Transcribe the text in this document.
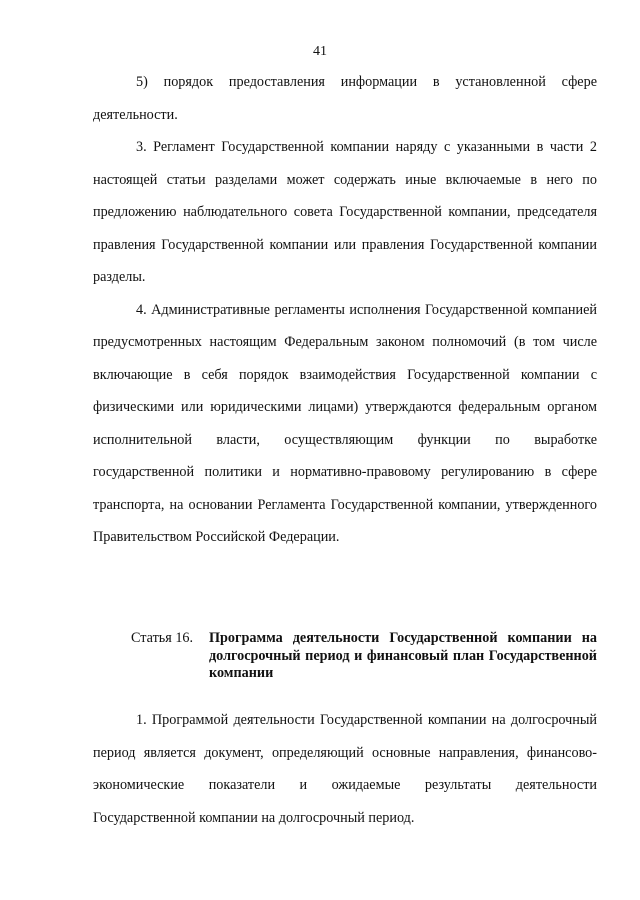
41

5) порядок предоставления информации в установленной сфере деятельности.

3. Регламент Государственной компании наряду с указанными в части 2 настоящей статьи разделами может содержать иные включаемые в него по предложению наблюдательного совета Государственной компании, председателя правления Государственной компании или правления Государственной компании разделы.

4. Административные регламенты исполнения Государственной компанией предусмотренных настоящим Федеральным законом полномочий (в том числе включающие в себя порядок взаимодействия Государственной компании с физическими или юридическими лицами) утверждаются федеральным органом исполнительной власти, осуществляющим функции по выработке государственной политики и нормативно-правовому регулированию в сфере транспорта, на основании Регламента Государственной компании, утвержденного Правительством Российской Федерации.

Статья 16. Программа деятельности Государственной компании на долгосрочный период и финансовый план Государственной компании

1. Программой деятельности Государственной компании на долгосрочный период является документ, определяющий основные направления, финансово-экономические показатели и ожидаемые результаты деятельности Государственной компании на долгосрочный период.
